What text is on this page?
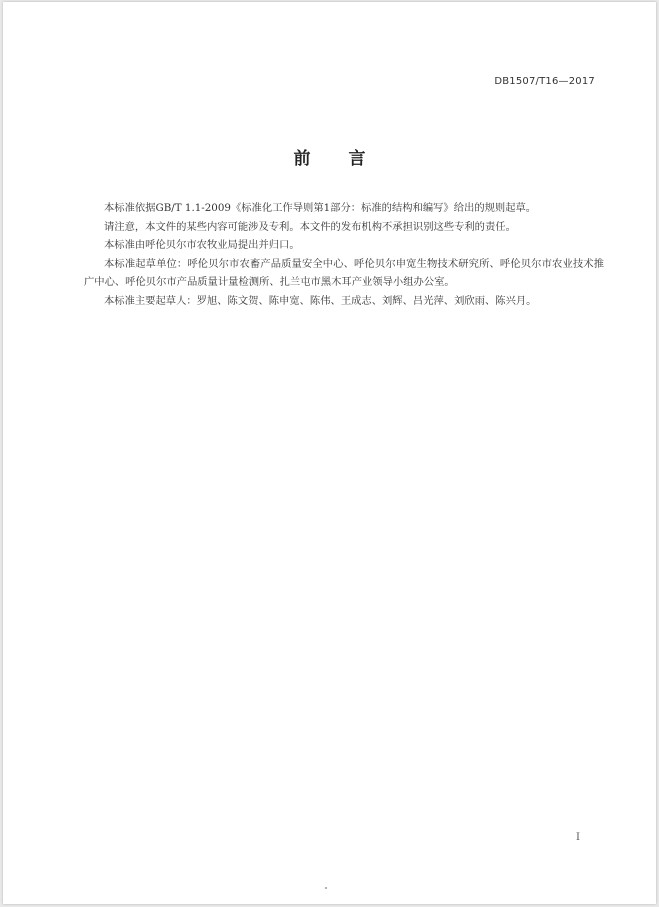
DB1507/T16—2017
前言

本标准依据GB/T 1.1-2009《标准化工作导则第1部分：标准的结构和编写》给出的规则起草。

请注意，本文件的某些内容可能涉及专利。本文件的发布机构不承担识别这些专利的责任。

本标准由呼伦贝尔市农牧业局提出并归口。

本标准起草单位：呼伦贝尔市农畜产品质量安全中心、呼伦贝尔申宽生物技术研究所、呼伦贝尔市农业技术推广中心、呼伦贝尔市产品质量计量检测所、扎兰屯市黑木耳产业领导小组办公室。

本标准主要起草人：罗旭、陈文贺、陈申宽、陈伟、王成志、刘辉、吕光萍、刘欣雨、陈兴月。

I
